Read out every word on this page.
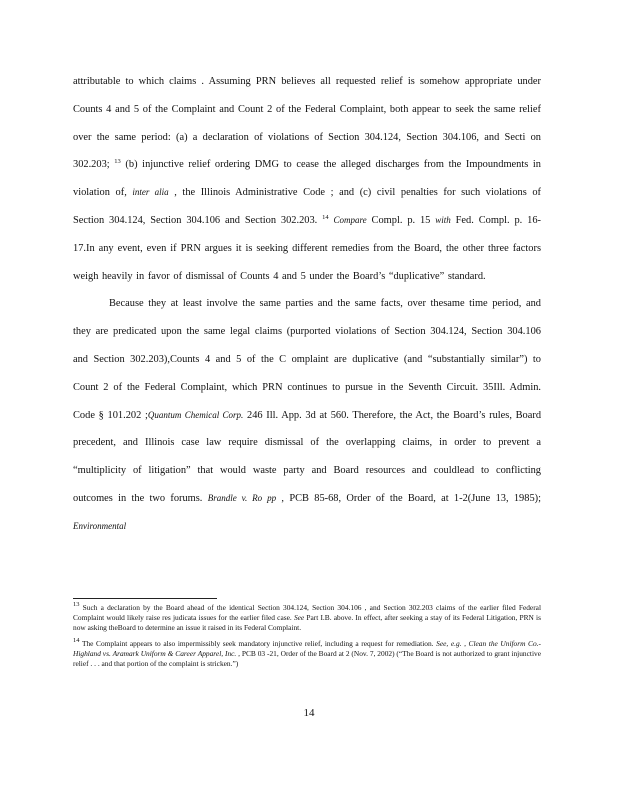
attributable to which claims . Assuming PRN believes all requested relief is somehow appropriate under Counts 4 and 5 of the Complaint and Count 2 of the Federal Complaint, both appear to seek the same relief over the same period: (a) a declaration of violations of Section 304.124, Section 304.106, and Secti on 302.203; $^{13}$ (b) injunctive relief ordering DMG to cease the alleged discharges from the Impoundments in violation of, inter alia , the Illinois Administrative Code ; and (c) civil penalties for such violations of Section 304.124, Section 304.106 and Section 302.203. $^{14}$ Compare Compl. p. 15 with Fed. Compl. p. 16-17.In any event, even if PRN argues it is seeking different remedies from the Board, the other three factors weigh heavily in favor of dismissal of Counts 4 and 5 under the Board’s “duplicative” standard.

Because they at least involve the same parties and the same facts, over thesame time period, and they are predicated upon the same legal claims (purported violations of Section 304.124, Section 304.106 and Section 302.203),Counts 4 and 5 of the C omplaint are duplicative (and “substantially similar”) to Count 2 of the Federal Complaint, which PRN continues to pursue in the Seventh Circuit. 35Ill. Admin. Code § 101.202 ;Quantum Chemical Corp. 246 Ill. App. 3d at 560. Therefore, the Act, the Board’s rules, Board precedent, and Illinois case law require dismissal of the overlapping claims, in order to prevent a “multiplicity of litigation” that would waste party and Board resources and couldlead to conflicting outcomes in the two forums. Brandle v. Ro pp , PCB 85-68, Order of the Board, at 1-2(June 13, 1985); Environmental

$^{13}$ Such a declaration by the Board ahead of the identical Section 304.124, Section 304.106 , and Section 302.203 claims of the earlier filed Federal Complaint would likely raise res judicata issues for the earlier filed case. See Part I.B. above. In effect, after seeking a stay of its Federal Litigation, PRN is now asking theBoard to determine an issue it raised in its Federal Complaint.

$^{14}$ The Complaint appears to also impermissibly seek mandatory injunctive relief, including a request for remediation. See, e.g. , Clean the Uniform Co.-Highland vs. Aramark Uniform & Career Apparel, Inc. , PCB 03 -21, Order of the Board at 2 (Nov. 7, 2002) (“The Board is not authorized to grant injunctive relief . . . and that portion of the complaint is stricken.”)

14
